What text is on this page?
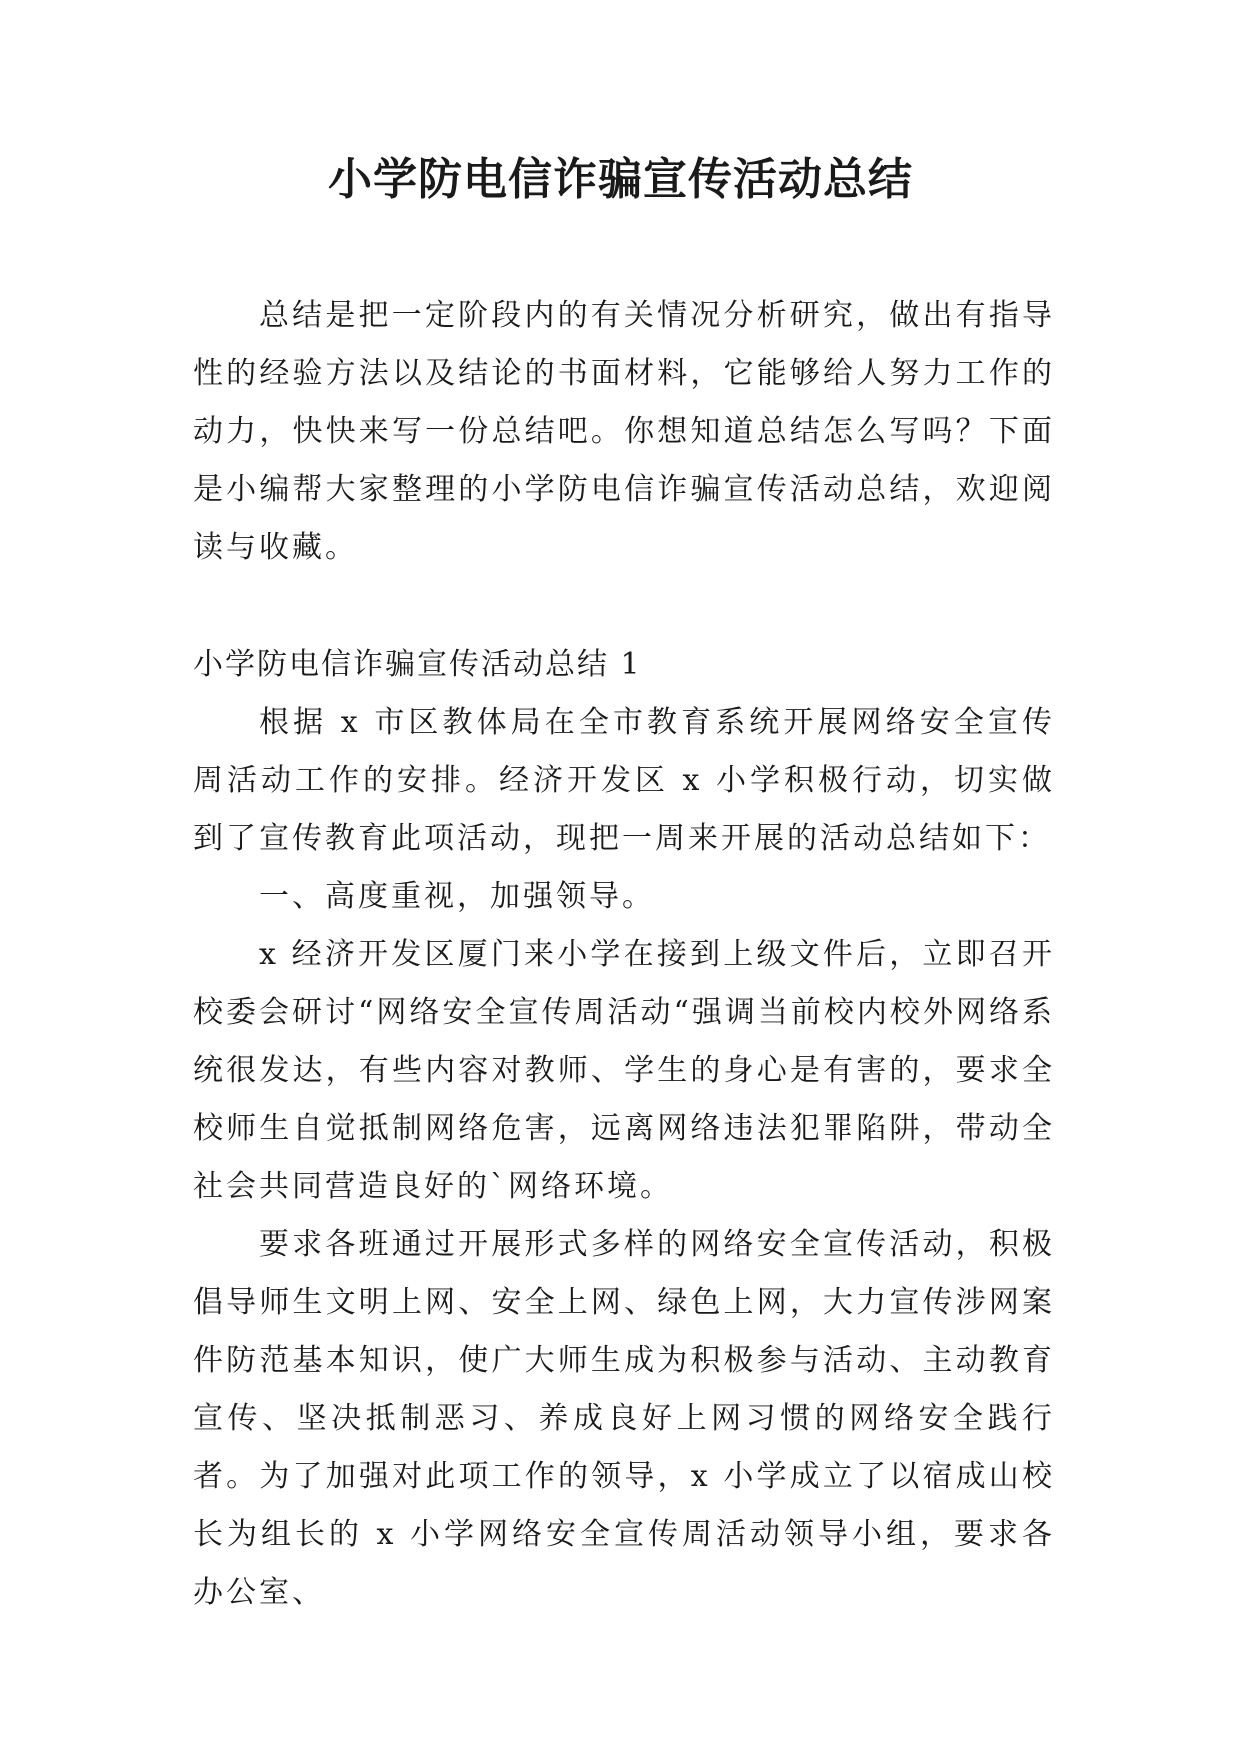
小学防电信诈骗宣传活动总结

总结是把一定阶段内的有关情况分析研究，做出有指导性的经验方法以及结论的书面材料，它能够给人努力工作的动力，快快来写一份总结吧。你想知道总结怎么写吗？下面是小编帮大家整理的小学防电信诈骗宣传活动总结，欢迎阅读与收藏。

小学防电信诈骗宣传活动总结 1

根据 x 市区教体局在全市教育系统开展网络安全宣传周活动工作的安排。经济开发区 x 小学积极行动，切实做到了宣传教育此项活动，现把一周来开展的活动总结如下：

一、高度重视，加强领导。

x 经济开发区厦门来小学在接到上级文件后，立即召开校委会研讨“网络安全宣传周活动“强调当前校内校外网络系统很发达，有些内容对教师、学生的身心是有害的，要求全校师生自觉抵制网络危害，远离网络违法犯罪陷阱，带动全社会共同营造良好的`网络环境。

要求各班通过开展形式多样的网络安全宣传活动，积极倡导师生文明上网、安全上网、绿色上网，大力宣传涉网案件防范基本知识，使广大师生成为积极参与活动、主动教育宣传、坚决抵制恶习、养成良好上网习惯的网络安全践行者。为了加强对此项工作的领导，x 小学成立了以宿成山校长为组长的 x 小学网络安全宣传周活动领导小组，要求各办公室、
